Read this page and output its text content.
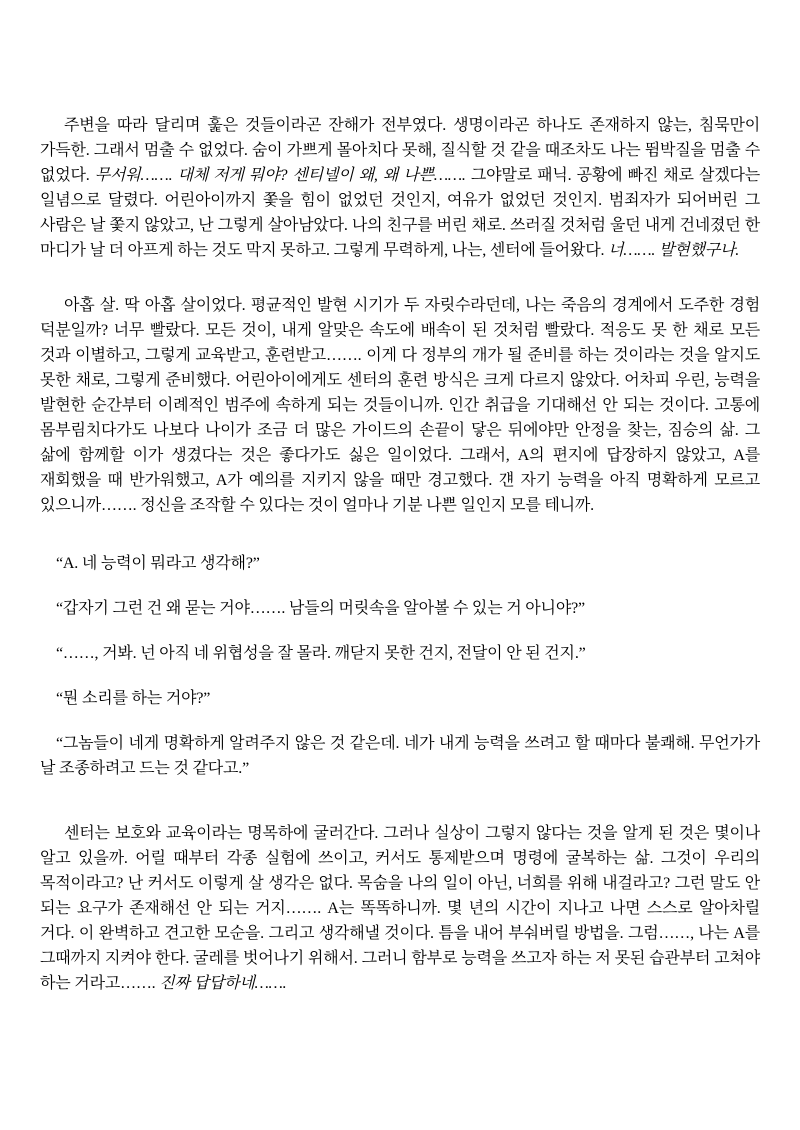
주변을 따라 달리며 훑은 것들이라곤 잔해가 전부였다. 생명이라곤 하나도 존재하지 않는, 침묵만이 가득한. 그래서 멈출 수 없었다. 숨이 가쁘게 몰아치다 못해, 질식할 것 같을 때조차도 나는 뜀박질을 멈출 수 없었다. 무서워……. 대체 저게 뭐야? 센티넬이 왜, 왜 나쁜……. 그야말로 패닉. 공황에 빠진 채로 살겠다는 일념으로 달렸다. 어린아이까지 쫓을 힘이 없었던 것인지, 여유가 없었던 것인지. 범죄자가 되어버린 그 사람은 날 쫓지 않았고, 난 그렇게 살아남았다. 나의 친구를 버린 채로. 쓰러질 것처럼 울던 내게 건네졌던 한 마디가 날 더 아프게 하는 것도 막지 못하고. 그렇게 무력하게, 나는, 센터에 들어왔다. 너……. 발현했구나.

아홉 살. 딱 아홉 살이었다. 평균적인 발현 시기가 두 자릿수라던데, 나는 죽음의 경계에서 도주한 경험 덕분일까? 너무 빨랐다. 모든 것이, 내게 알맞은 속도에 배속이 된 것처럼 빨랐다. 적응도 못 한 채로 모든 것과 이별하고, 그렇게 교육받고, 훈련받고……. 이게 다 정부의 개가 될 준비를 하는 것이라는 것을 알지도 못한 채로, 그렇게 준비했다. 어린아이에게도 센터의 훈련 방식은 크게 다르지 않았다. 어차피 우린, 능력을 발현한 순간부터 이례적인 범주에 속하게 되는 것들이니까. 인간 취급을 기대해선 안 되는 것이다. 고통에 몸부림치다가도 나보다 나이가 조금 더 많은 가이드의 손끝이 닿은 뒤에야만 안정을 찾는, 짐승의 삶. 그 삶에 함께할 이가 생겼다는 것은 좋다가도 싫은 일이었다. 그래서, A의 편지에 답장하지 않았고, A를 재회했을 때 반가워했고, A가 예의를 지키지 않을 때만 경고했다. 걘 자기 능력을 아직 명확하게 모르고 있으니까……. 정신을 조작할 수 있다는 것이 얼마나 기분 나쁜 일인지 모를 테니까.

“A. 네 능력이 뭐라고 생각해?”

“갑자기 그런 건 왜 묻는 거야……. 남들의 머릿속을 알아볼 수 있는 거 아니야?”

“……, 거봐. 넌 아직 네 위협성을 잘 몰라. 깨닫지 못한 건지, 전달이 안 된 건지.”

“뭔 소리를 하는 거야?”

“그놈들이 네게 명확하게 알려주지 않은 것 같은데. 네가 내게 능력을 쓰려고 할 때마다 불쾌해. 무언가가 날 조종하려고 드는 것 같다고.”

센터는 보호와 교육이라는 명목하에 굴러간다. 그러나 실상이 그렇지 않다는 것을 알게 된 것은 몇이나 알고 있을까. 어릴 때부터 각종 실험에 쓰이고, 커서도 통제받으며 명령에 굴복하는 삶. 그것이 우리의 목적이라고? 난 커서도 이렇게 살 생각은 없다. 목숨을 나의 일이 아닌, 너희를 위해 내걸라고? 그런 말도 안 되는 요구가 존재해선 안 되는 거지……. A는 똑똑하니까. 몇 년의 시간이 지나고 나면 스스로 알아차릴 거다. 이 완벽하고 견고한 모순을. 그리고 생각해낼 것이다. 틈을 내어 부숴버릴 방법을. 그럼……, 나는 A를 그때까지 지켜야 한다. 굴레를 벗어나기 위해서. 그러니 함부로 능력을 쓰고자 하는 저 못된 습관부터 고쳐야 하는 거라고……. 진짜 답답하네…….
